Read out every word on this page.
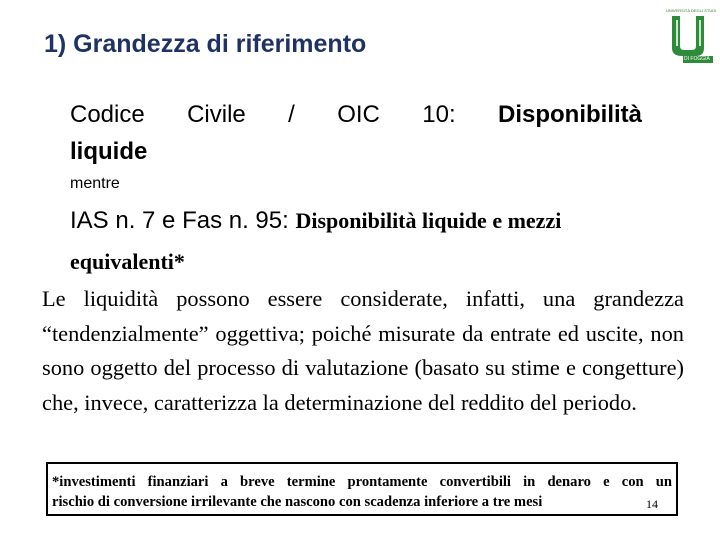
1) Grandezza di riferimento
UNIVERSITÀ DEGLI STUDI
DI FOGGIA
Codice Civile / OIC 10: Disponibilità
liquide
mentre
IAS n. 7 e Fas n. 95: Disponibilità liquide e mezzi equivalenti*
Le liquidità possono essere considerate, infatti, una grandezza “tendenzialmente” oggettiva; poiché misurate da entrate ed uscite, non sono oggetto del processo di valutazione (basato su stime e congetture) che, invece, caratterizza la determinazione del reddito del periodo.
*investimenti finanziari a breve termine prontamente convertibili in denaro e con un
rischio di conversione irrilevante che nascono con scadenza inferiore a tre mesi	14
